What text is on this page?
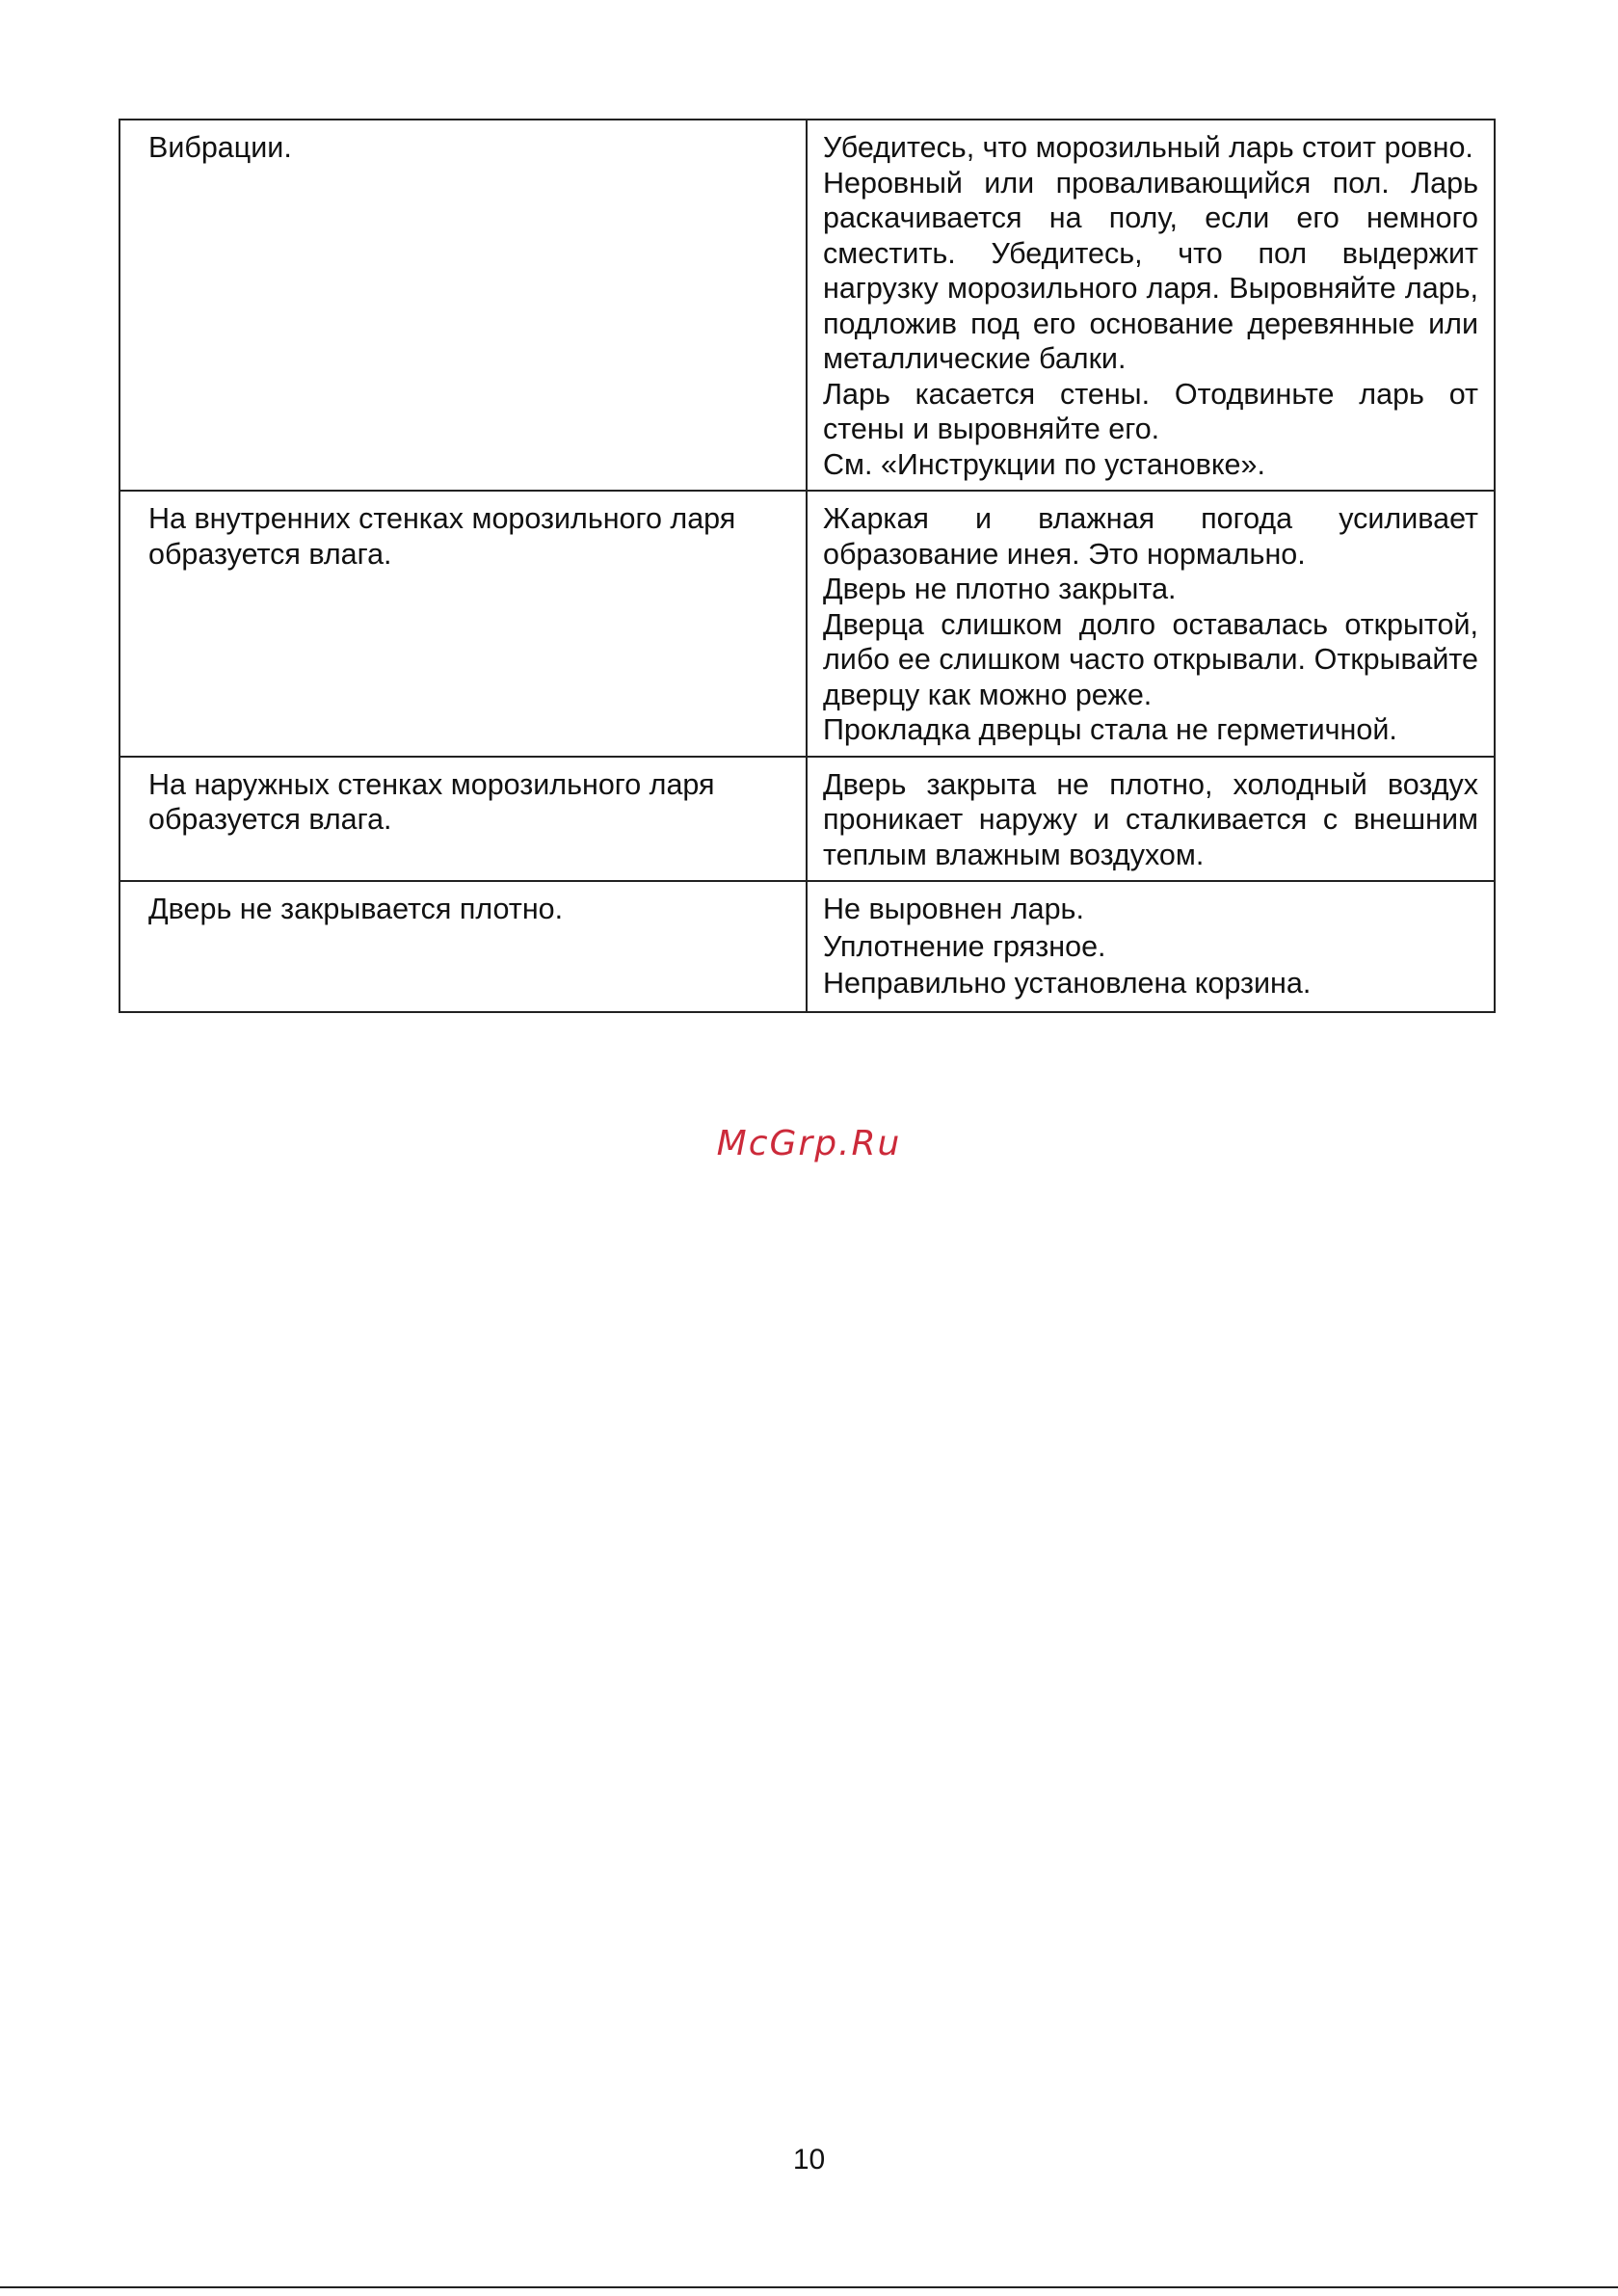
Вибрации.	Убедитесь, что морозильный ларь стоит ровно.
Неровный или проваливающийся пол. Ларь раскачивается на полу, если его немного сместить. Убедитесь, что пол выдержит нагрузку морозильного ларя. Выровняйте ларь, подложив под его основание деревянные или металлические балки.
Ларь касается стены. Отодвиньте ларь от стены и выровняйте его.
См. «Инструкции по установке».

На внутренних стенках морозильного ларя образуется влага.	Жаркая и влажная погода усиливает образование инея. Это нормально.
Дверь не плотно закрыта.
Дверца слишком долго оставалась открытой, либо ее слишком часто открывали. Открывайте дверцу как можно реже.
Прокладка дверцы стала не герметичной.

На наружных стенках морозильного ларя образуется влага.	Дверь закрыта не плотно, холодный воздух проникает наружу и сталкивается с внешним теплым влажным воздухом.

Дверь не закрывается плотно.	Не выровнен ларь.
Уплотнение грязное.
Неправильно установлена корзина.
McGrp.Ru
10
